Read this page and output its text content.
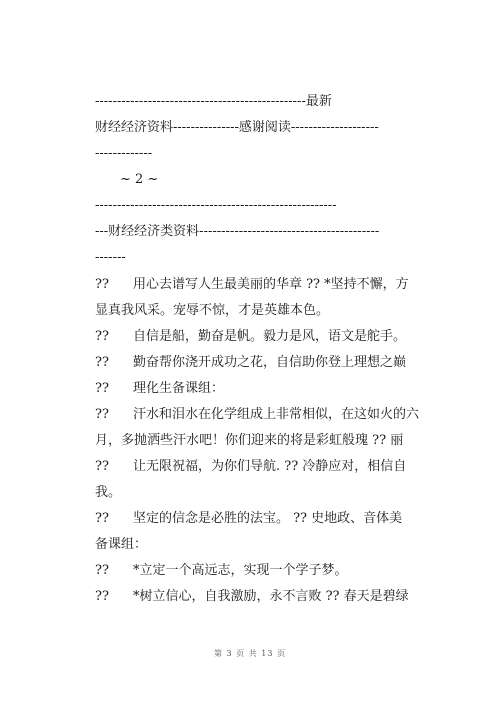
------------------------------------------------最新
财经经济资料---------------感谢阅读--------------------
-------------
~ 2 ~
-------------------------------------------------------
---财经经济类资料-----------------------------------------
-------
?? 用心去谱写人生最美丽的华章 ?? *坚持不懈，方
显真我风采。宠辱不惊，才是英雄本色。
?? 自信是船，勤奋是帆。毅力是风，语文是舵手。
?? 勤奋帮你浇开成功之花，自信助你登上理想之巅
?? 理化生备课组：
?? 汗水和泪水在化学组成上非常相似，在这如火的六
月，多抛洒些汗水吧！你们迎来的将是彩虹般瑰 ?? 丽
?? 让无限祝福，为你们导航. ?? 冷静应对，相信自
我。
?? 坚定的信念是必胜的法宝。 ?? 史地政、音体美
备课组：
?? *立定一个高远志，实现一个学子梦。
?? *树立信心，自我激励，永不言败 ?? 春天是碧绿
第 3 页 共 13 页
